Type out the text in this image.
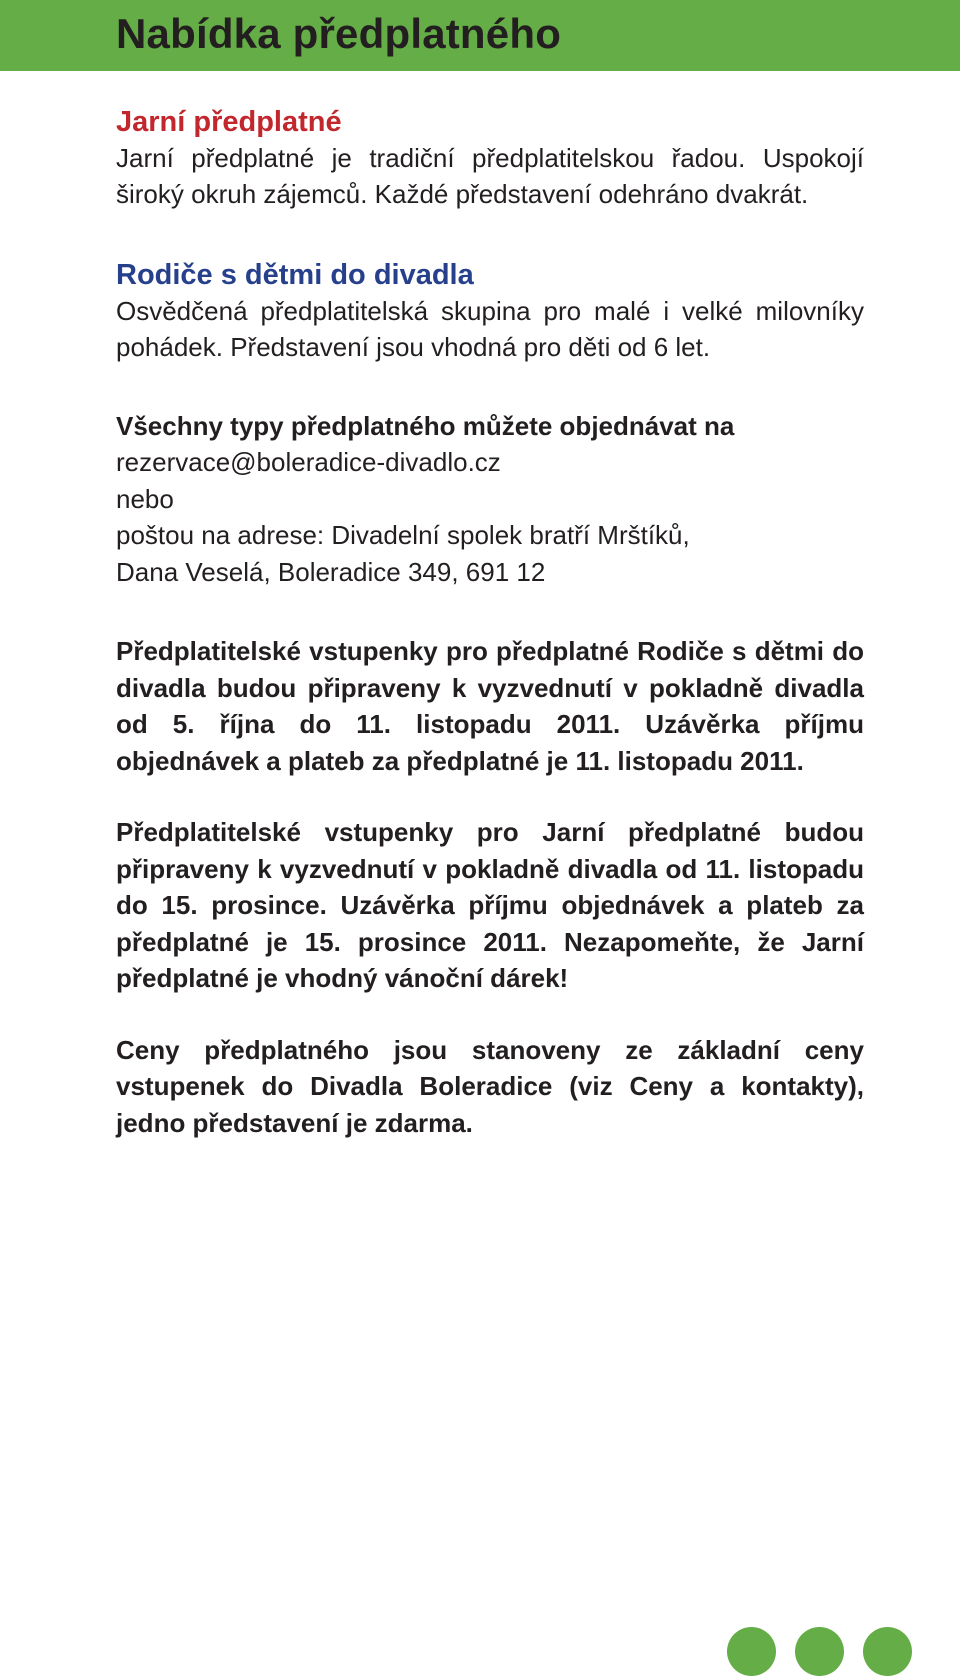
Nabídka předplatného
Jarní předplatné

Jarní předplatné je tradiční předplatitelskou řadou. Uspokojí široký okruh zájemců. Každé představení odehráno dvakrát.

Rodiče s dětmi do divadla

Osvědčená předplatitelská skupina pro malé i velké milovníky pohádek. Představení jsou vhodná pro děti od 6 let.

Všechny typy předplatného můžete objednávat na

rezervace@boleradice-divadlo.cz

nebo

poštou na adrese: Divadelní spolek bratří Mrštíků,

Dana Veselá, Boleradice 349, 691 12

Předplatitelské vstupenky pro předplatné Rodiče s dětmi do divadla budou připraveny k vyzvednutí v pokladně divadla od 5. října do 11. listopadu 2011. Uzávěrka příjmu objednávek a plateb za předplatné je 11. listopadu 2011.

Předplatitelské vstupenky pro Jarní předplatné budou připraveny k vyzvednutí v pokladně divadla od 11. listopadu do 15. prosince. Uzávěrka příjmu objednávek a plateb za předplatné je 15. prosince 2011. Nezapomeňte, že Jarní předplatné je vhodný vánoční dárek!

Ceny předplatného jsou stanoveny ze základní ceny vstupenek do Divadla Boleradice (viz Ceny a kontakty), jedno představení je zdarma.
